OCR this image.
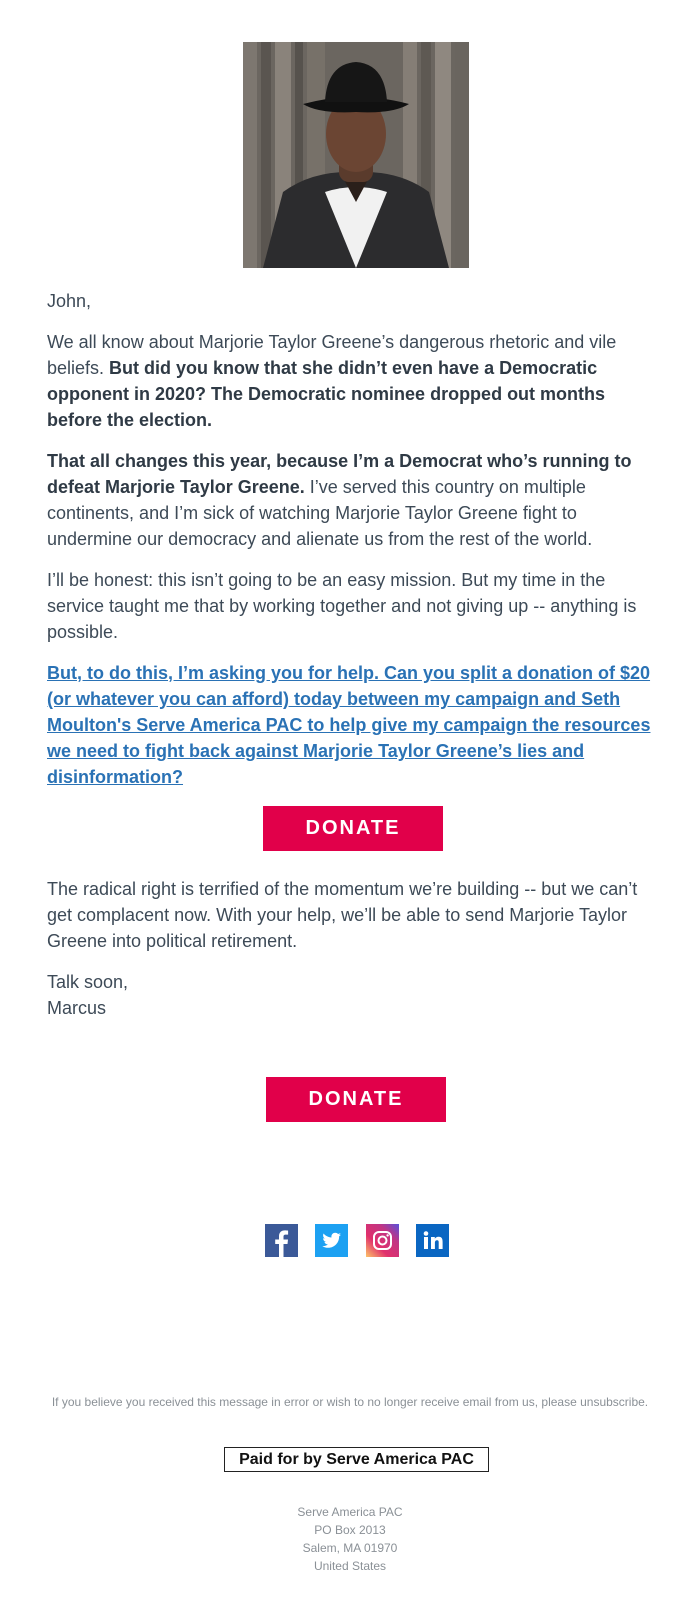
John,

We all know about Marjorie Taylor Greene’s dangerous rhetoric and vile beliefs. But did you know that she didn’t even have a Democratic opponent in 2020? The Democratic nominee dropped out months before the election.

That all changes this year, because I’m a Democrat who’s running to defeat Marjorie Taylor Greene. I’ve served this country on multiple continents, and I’m sick of watching Marjorie Taylor Greene fight to undermine our democracy and alienate us from the rest of the world.

I’ll be honest: this isn’t going to be an easy mission. But my time in the service taught me that by working together and not giving up -- anything is possible.

But, to do this, I’m asking you for help. Can you split a donation of $20 (or whatever you can afford) today between my campaign and Seth Moulton's Serve America PAC to help give my campaign the resources we need to fight back against Marjorie Taylor Greene’s lies and disinformation?
DONATE

The radical right is terrified of the momentum we’re building -- but we can’t get complacent now. With your help, we’ll be able to send Marjorie Taylor Greene into political retirement.

Talk soon,

Marcus

DONATE

If you believe you received this message in error or wish to no longer receive email from us, please unsubscribe.

Paid for by Serve America PAC
Serve America PAC
PO Box 2013
Salem, MA 01970
United States
